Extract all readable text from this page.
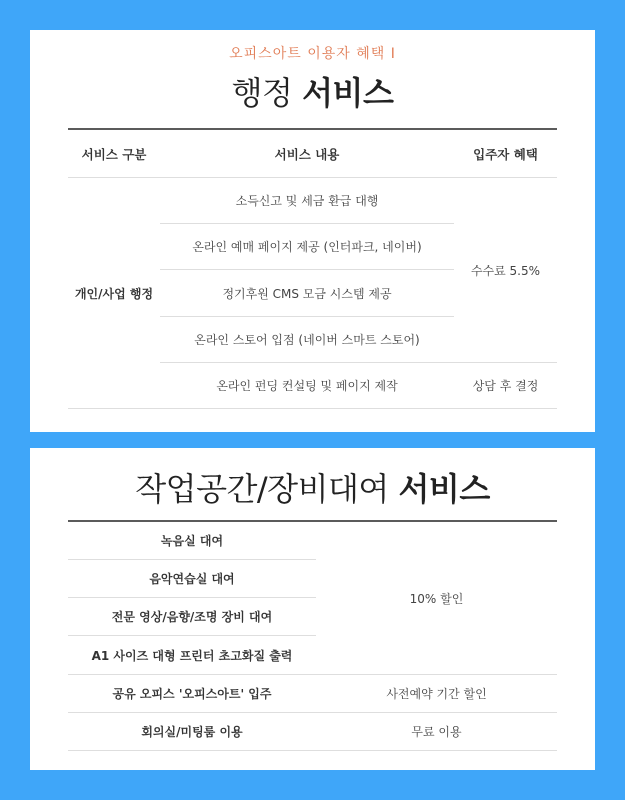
오피스아트 이용자 혜택 I
행정 서비스
서비스 구분	서비스 내용	입주자 혜택
개인/사업 행정
소득신고 및 세금 환급 대행
온라인 예매 페이지 제공 (인터파크, 네이버)
정기후원 CMS 모금 시스템 제공
온라인 스토어 입점 (네이버 스마트 스토어)
온라인 펀딩 컨설팅 및 페이지 제작
수수료 5.5%
상담 후 결정
작업공간/장비대여 서비스
녹음실 대여
음악연습실 대여
전문 영상/음향/조명 장비 대여
A1 사이즈 대형 프린터 초고화질 출력
공유 오피스 '오피스아트' 입주
회의실/미팅룸 이용
10% 할인
사전예약 기간 할인
무료 이용
